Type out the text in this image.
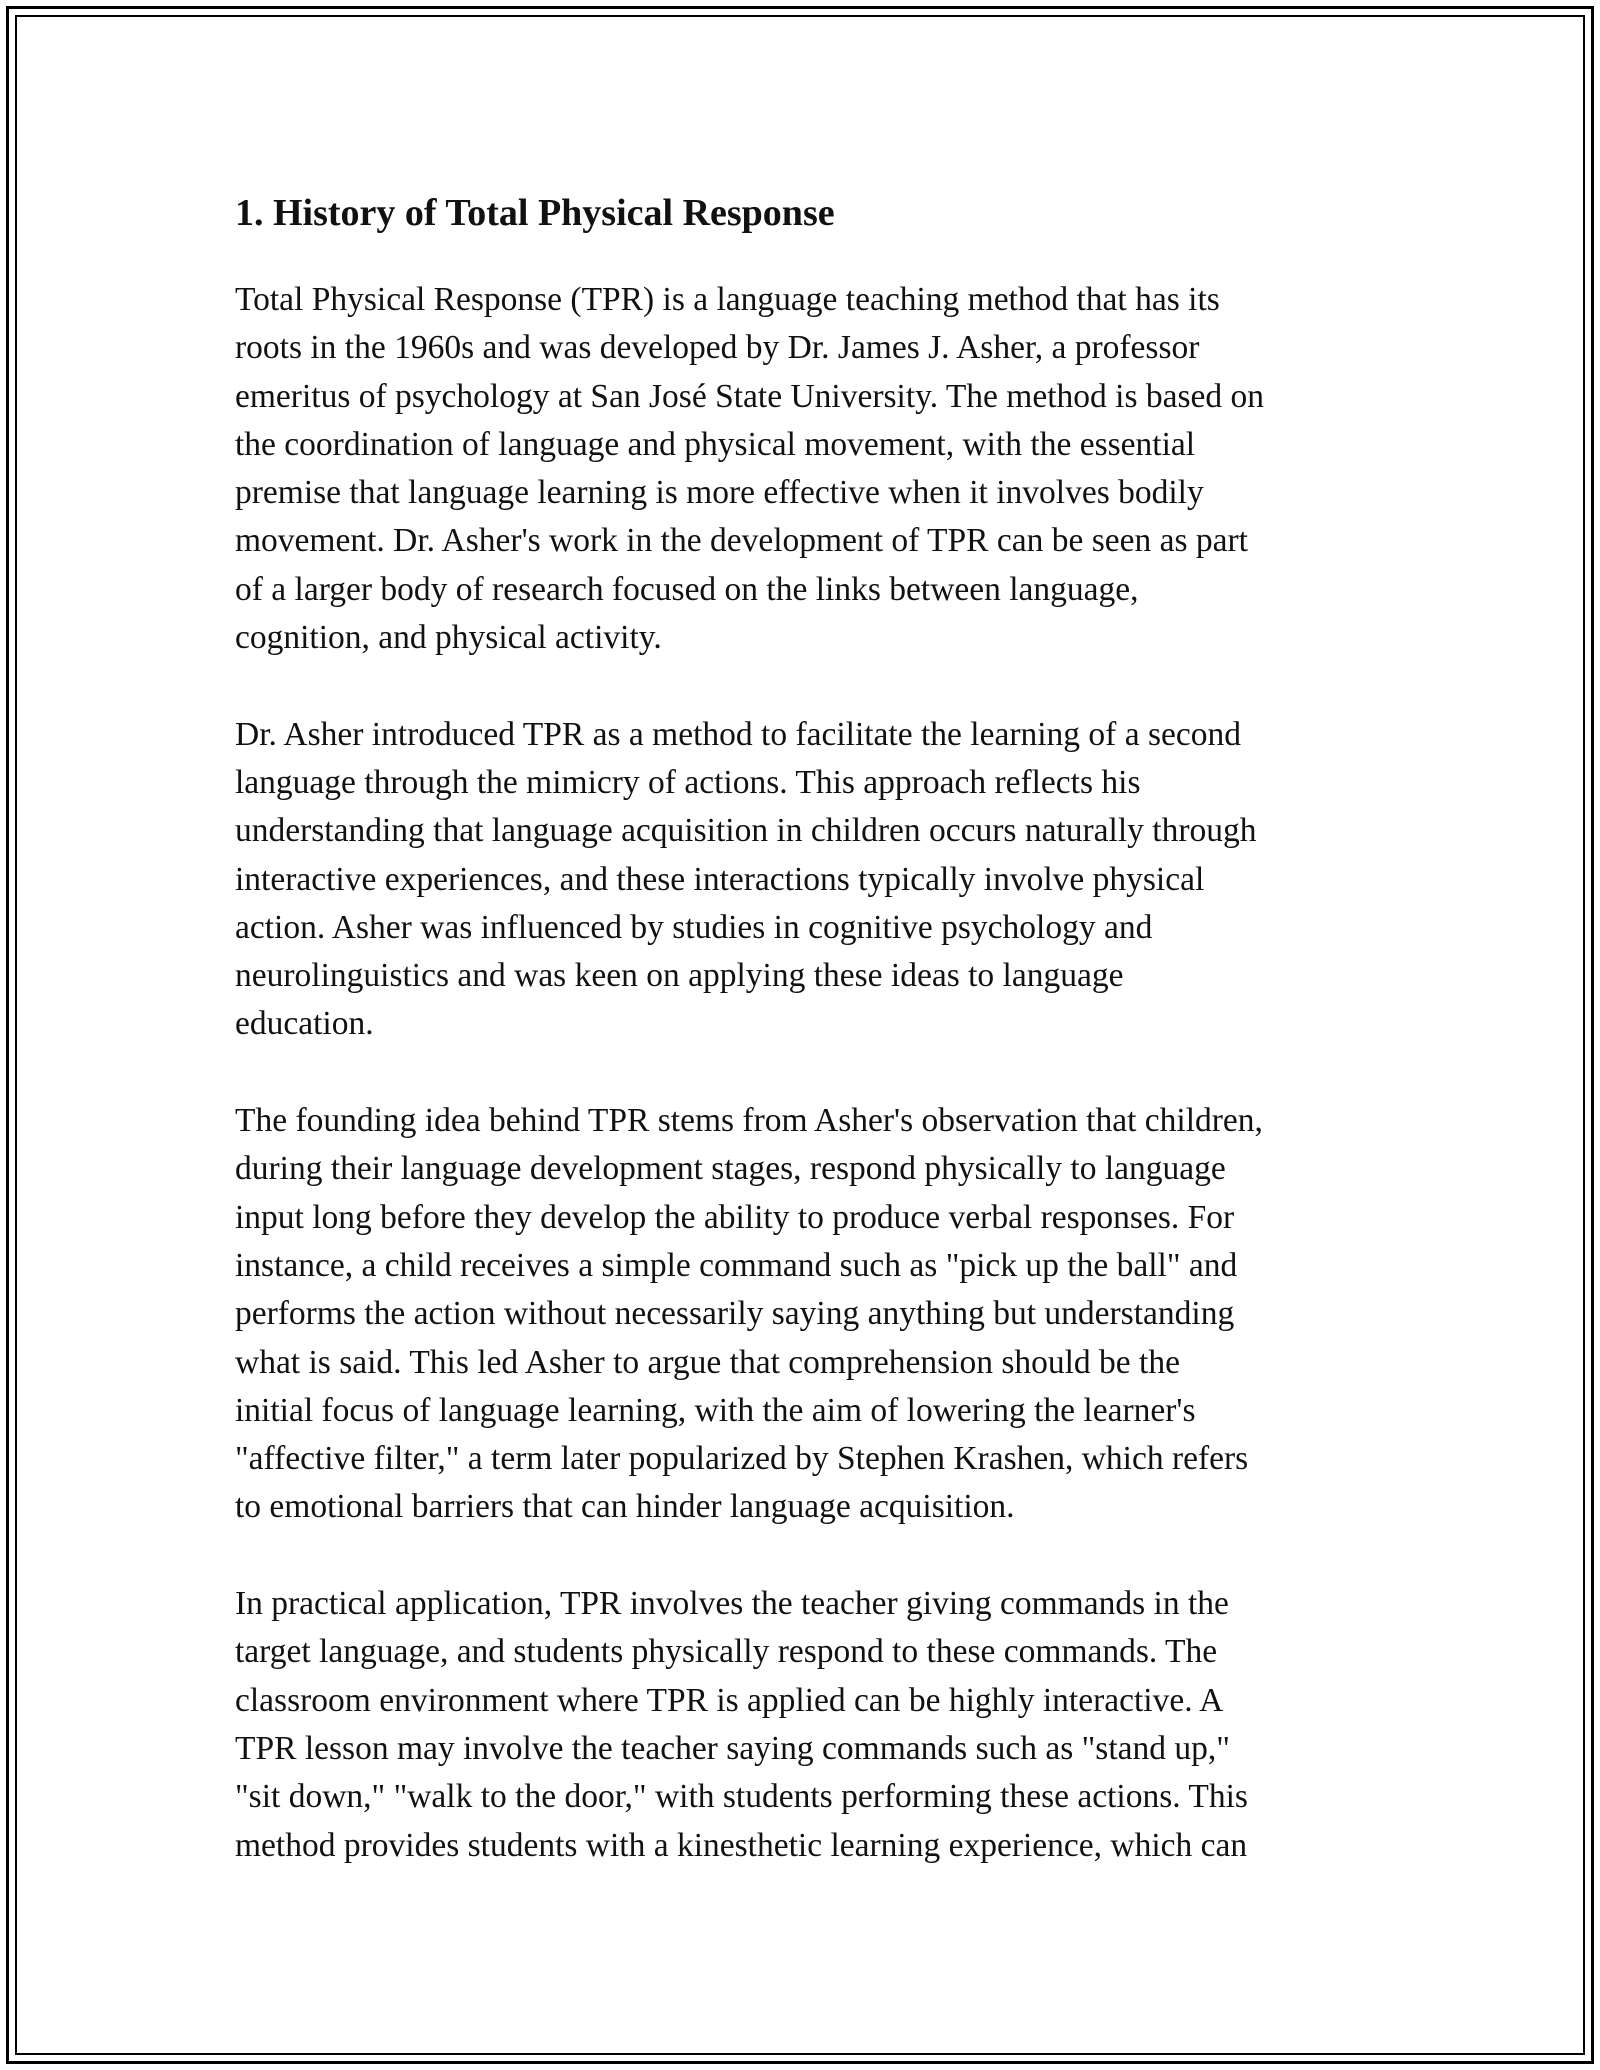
1. History of Total Physical Response

Total Physical Response (TPR) is a language teaching method that has its
roots in the 1960s and was developed by Dr. James J. Asher, a professor
emeritus of psychology at San José State University. The method is based on
the coordination of language and physical movement, with the essential
premise that language learning is more effective when it involves bodily
movement. Dr. Asher's work in the development of TPR can be seen as part
of a larger body of research focused on the links between language,
cognition, and physical activity.

Dr. Asher introduced TPR as a method to facilitate the learning of a second
language through the mimicry of actions. This approach reflects his
understanding that language acquisition in children occurs naturally through
interactive experiences, and these interactions typically involve physical
action. Asher was influenced by studies in cognitive psychology and
neurolinguistics and was keen on applying these ideas to language
education.

The founding idea behind TPR stems from Asher's observation that children,
during their language development stages, respond physically to language
input long before they develop the ability to produce verbal responses. For
instance, a child receives a simple command such as "pick up the ball" and
performs the action without necessarily saying anything but understanding
what is said. This led Asher to argue that comprehension should be the
initial focus of language learning, with the aim of lowering the learner's
"affective filter," a term later popularized by Stephen Krashen, which refers
to emotional barriers that can hinder language acquisition.

In practical application, TPR involves the teacher giving commands in the
target language, and students physically respond to these commands. The
classroom environment where TPR is applied can be highly interactive. A
TPR lesson may involve the teacher saying commands such as "stand up,"
"sit down," "walk to the door," with students performing these actions. This
method provides students with a kinesthetic learning experience, which can
